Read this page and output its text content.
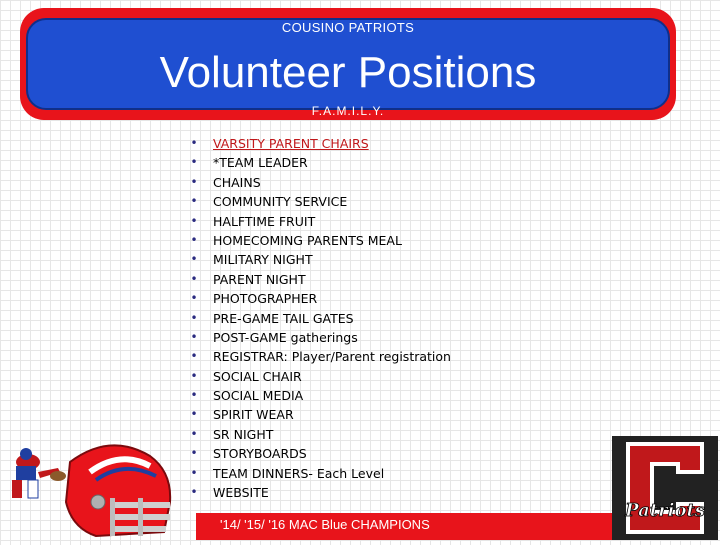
COUSINO PATRIOTS
Volunteer Positions
F.A.M.I.L.Y.
• VARSITY PARENT CHAIRS
• *TEAM LEADER
• CHAINS
• COMMUNITY SERVICE
• HALFTIME FRUIT
• HOMECOMING PARENTS MEAL
• MILITARY NIGHT
• PARENT NIGHT
• PHOTOGRAPHER
• PRE-GAME TAIL GATES
• POST-GAME gatherings
• REGISTRAR: Player/Parent registration
• SOCIAL CHAIR
• SOCIAL MEDIA
• SPIRIT WEAR
• SR NIGHT
• STORYBOARDS
• TEAM DINNERS- Each Level
• WEBSITE
'14/ '15/ '16 MAC Blue CHAMPIONS
Patriots
